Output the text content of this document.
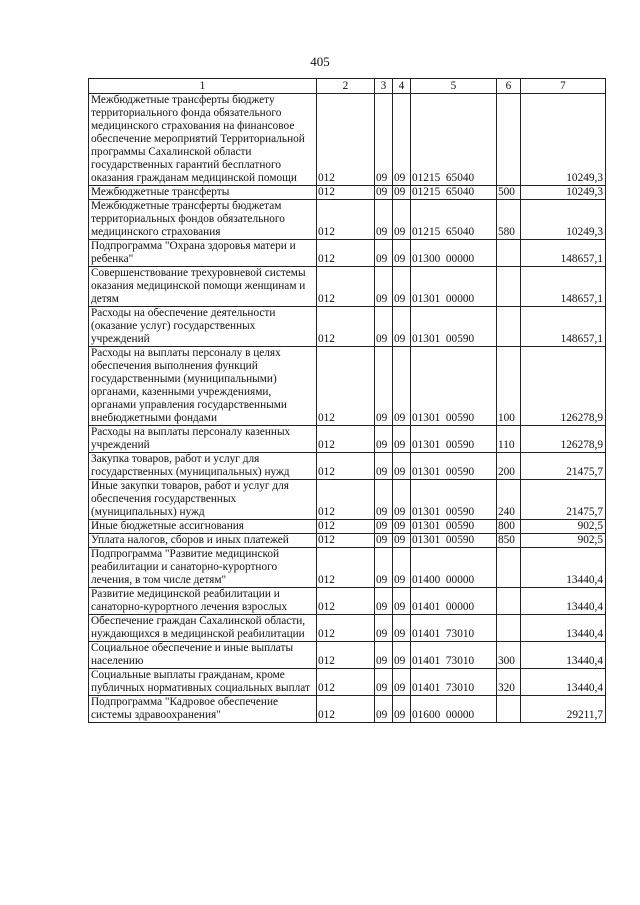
405
1	2	3	4	5	6	7
Межбюджетные трансферты бюджету территориального фонда обязательного медицинского страхования на финансовое обеспечение мероприятий Территориальной программы Сахалинской области государственных гарантий бесплатного оказания гражданам медицинской помощи	012	09	09	01215  65040		10249,3
Межбюджетные трансферты	012	09	09	01215  65040	500	10249,3
Межбюджетные трансферты бюджетам территориальных фондов обязательного медицинского страхования	012	09	09	01215  65040	580	10249,3
Подпрограмма "Охрана здоровья матери и ребенка"	012	09	09	01300  00000		148657,1
Совершенствование трехуровневой системы оказания медицинской помощи женщинам и детям	012	09	09	01301  00000		148657,1
Расходы на обеспечение деятельности (оказание услуг) государственных учреждений	012	09	09	01301  00590		148657,1
Расходы на выплаты персоналу в целях обеспечения выполнения функций государственными (муниципальными) органами, казенными учреждениями, органами управления государственными внебюджетными фондами	012	09	09	01301  00590	100	126278,9
Расходы на выплаты персоналу казенных учреждений	012	09	09	01301  00590	110	126278,9
Закупка товаров, работ и услуг для государственных (муниципальных) нужд	012	09	09	01301  00590	200	21475,7
Иные закупки товаров, работ и услуг для обеспечения государственных (муниципальных) нужд	012	09	09	01301  00590	240	21475,7
Иные бюджетные ассигнования	012	09	09	01301  00590	800	902,5
Уплата налогов, сборов и иных платежей	012	09	09	01301  00590	850	902,5
Подпрограмма "Развитие медицинской реабилитации и санаторно-курортного лечения, в том числе детям"	012	09	09	01400  00000		13440,4
Развитие медицинской реабилитации и санаторно-курортного лечения взрослых	012	09	09	01401  00000		13440,4
Обеспечение граждан Сахалинской области, нуждающихся в медицинской реабилитации	012	09	09	01401  73010		13440,4
Социальное обеспечение и иные выплаты населению	012	09	09	01401  73010	300	13440,4
Социальные выплаты гражданам, кроме публичных нормативных социальных выплат	012	09	09	01401  73010	320	13440,4
Подпрограмма "Кадровое обеспечение системы здравоохранения"	012	09	09	01600  00000		29211,7
